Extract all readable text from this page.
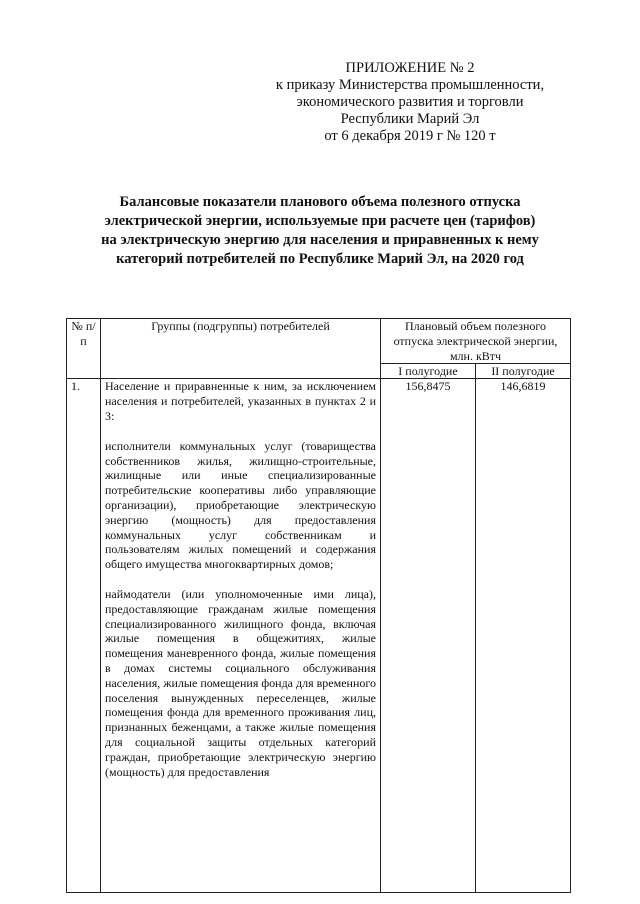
ПРИЛОЖЕНИЕ № 2
к приказу Министерства промышленности,
экономического развития и торговли
Республики Марий Эл
от 6 декабря 2019 г № 120 т
Балансовые показатели планового объема полезного отпуска
электрической энергии, используемые при расчете цен (тарифов)
на электрическую энергию для населения и приравненных к нему
категорий потребителей по Республике Марий Эл, на 2020 год
№ п/п	Группы (подгруппы) потребителей	Плановый объем полезного отпуска электрической энергии, млн. кВтч	
		I полугодие	II полугодие
1.	Население и приравненные к ним, за исключением населения и потребителей, указанных в пунктах 2 и 3:

исполнители коммунальных услуг (товарищества собственников жилья, жилищно-строительные, жилищные или иные специализированные потребительские кооперативы либо управляющие организации), приобретающие электрическую энергию (мощность) для предоставления коммунальных услуг собственникам и пользователям жилых помещений и содержания общего имущества многоквартирных домов;

наймодатели (или уполномоченные ими лица), предоставляющие гражданам жилые помещения специализированного жилищного фонда, включая жилые помещения в общежитиях, жилые помещения маневренного фонда, жилые помещения в домах системы социального обслуживания населения, жилые помещения фонда для временного поселения вынужденных переселенцев, жилые помещения фонда для временного проживания лиц, признанных беженцами, а также жилые помещения для социальной защиты отдельных категорий граждан, приобретающие электрическую энергию (мощность) для предоставления	156,8475	146,6819
